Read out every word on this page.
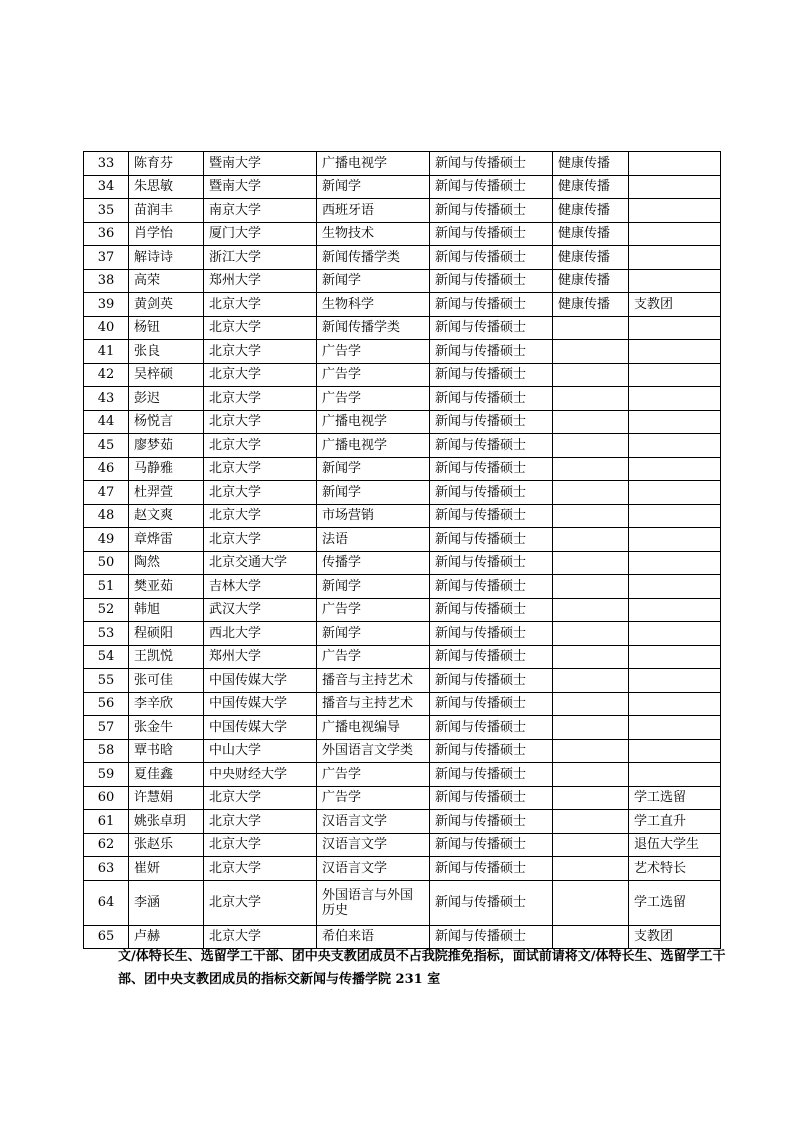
33	陈育芬	暨南大学	广播电视学	新闻与传播硕士	健康传播	
34	朱思敏	暨南大学	新闻学	新闻与传播硕士	健康传播	
35	苗润丰	南京大学	西班牙语	新闻与传播硕士	健康传播	
36	肖学怡	厦门大学	生物技术	新闻与传播硕士	健康传播	
37	解诗诗	浙江大学	新闻传播学类	新闻与传播硕士	健康传播	
38	高荣	郑州大学	新闻学	新闻与传播硕士	健康传播	
39	黄剑英	北京大学	生物科学	新闻与传播硕士	健康传播	支教团
40	杨钮	北京大学	新闻传播学类	新闻与传播硕士		
41	张良	北京大学	广告学	新闻与传播硕士		
42	吴梓硕	北京大学	广告学	新闻与传播硕士		
43	彭迟	北京大学	广告学	新闻与传播硕士		
44	杨悦言	北京大学	广播电视学	新闻与传播硕士		
45	廖梦茹	北京大学	广播电视学	新闻与传播硕士		
46	马静雅	北京大学	新闻学	新闻与传播硕士		
47	杜羿萱	北京大学	新闻学	新闻与传播硕士		
48	赵文爽	北京大学	市场营销	新闻与传播硕士		
49	章烨雷	北京大学	法语	新闻与传播硕士		
50	陶然	北京交通大学	传播学	新闻与传播硕士		
51	樊亚茹	吉林大学	新闻学	新闻与传播硕士		
52	韩旭	武汉大学	广告学	新闻与传播硕士		
53	程硕阳	西北大学	新闻学	新闻与传播硕士		
54	王凯悦	郑州大学	广告学	新闻与传播硕士		
55	张可佳	中国传媒大学	播音与主持艺术	新闻与传播硕士		
56	李辛欣	中国传媒大学	播音与主持艺术	新闻与传播硕士		
57	张金牛	中国传媒大学	广播电视编导	新闻与传播硕士		
58	覃书晗	中山大学	外国语言文学类	新闻与传播硕士		
59	夏佳鑫	中央财经大学	广告学	新闻与传播硕士		
60	许慧娟	北京大学	广告学	新闻与传播硕士		学工选留
61	姚张卓玥	北京大学	汉语言文学	新闻与传播硕士		学工直升
62	张赵乐	北京大学	汉语言文学	新闻与传播硕士		退伍大学生
63	崔妍	北京大学	汉语言文学	新闻与传播硕士		艺术特长
64	李涵	北京大学	外国语言与外国历史	新闻与传播硕士		学工选留
65	卢赫	北京大学	希伯来语	新闻与传播硕士		支教团

文/体特长生、选留学工干部、团中央支教团成员不占我院推免指标，面试前请将文/体特长生、选留学工干部、团中央支教团成员的指标交新闻与传播学院 231 室
